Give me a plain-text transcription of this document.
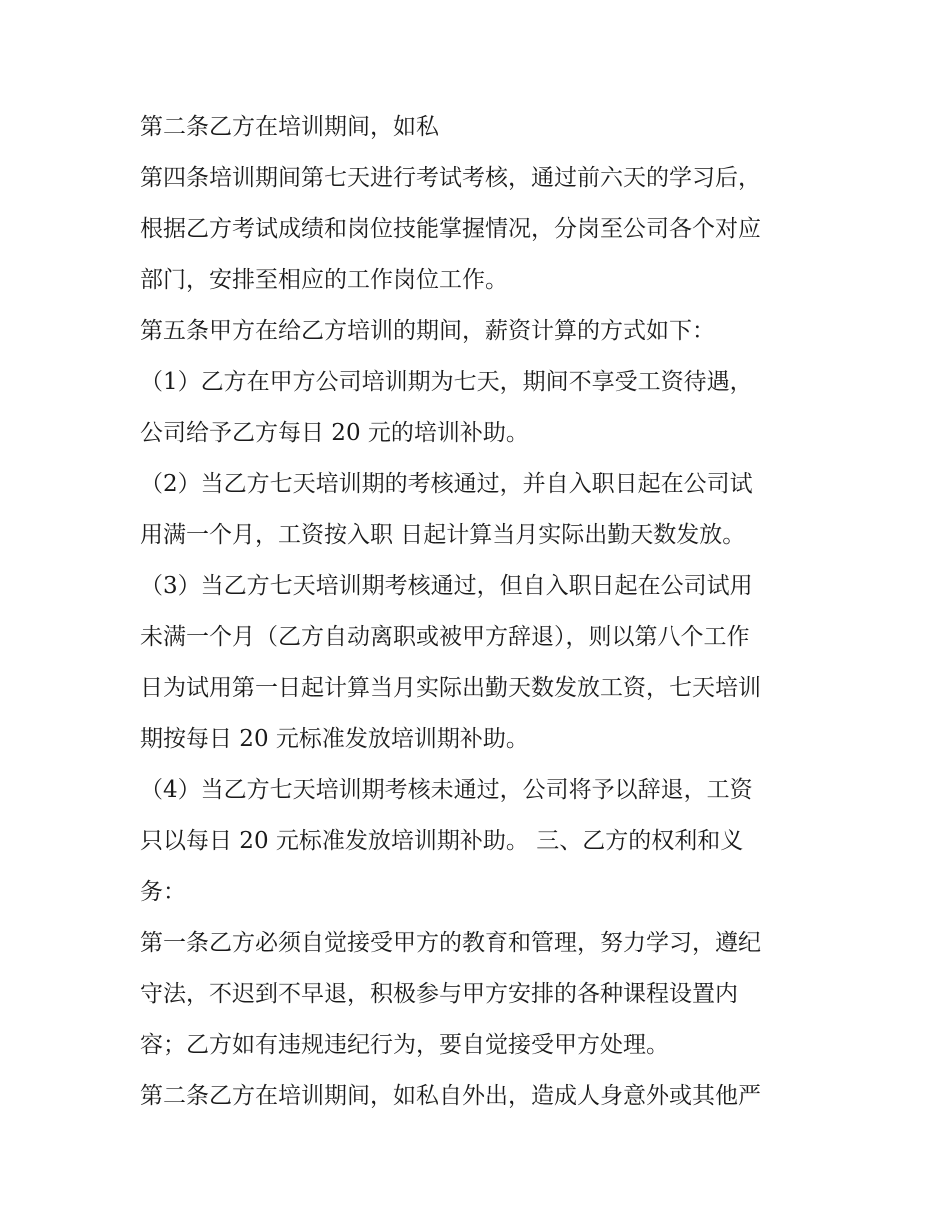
第二条乙方在培训期间，如私
第四条培训期间第七天进行考试考核，通过前六天的学习后，
根据乙方考试成绩和岗位技能掌握情况，分岗至公司各个对应
部门，安排至相应的工作岗位工作。
第五条甲方在给乙方培训的期间，薪资计算的方式如下：
（1）乙方在甲方公司培训期为七天，期间不享受工资待遇，
公司给予乙方每日 20 元的培训补助。
（2）当乙方七天培训期的考核通过，并自入职日起在公司试
用满一个月，工资按入职 日起计算当月实际出勤天数发放。
（3）当乙方七天培训期考核通过，但自入职日起在公司试用
未满一个月（乙方自动离职或被甲方辞退），则以第八个工作
日为试用第一日起计算当月实际出勤天数发放工资，七天培训
期按每日 20 元标准发放培训期补助。
（4）当乙方七天培训期考核未通过，公司将予以辞退，工资
只以每日 20 元标准发放培训期补助。 三、乙方的权利和义
务：
第一条乙方必须自觉接受甲方的教育和管理，努力学习，遵纪
守法，不迟到不早退，积极参与甲方安排的各种课程设置内
容；乙方如有违规违纪行为，要自觉接受甲方处理。
第二条乙方在培训期间，如私自外出，造成人身意外或其他严
